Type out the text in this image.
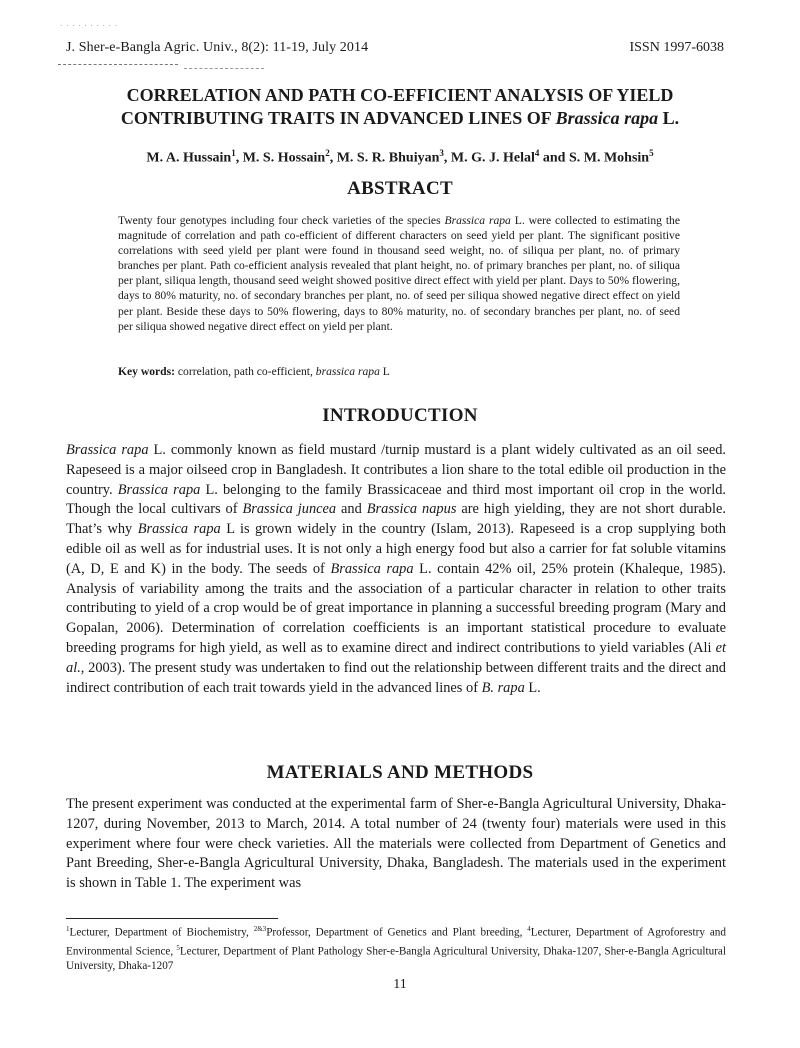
· · · · · · · · · ·
J. Sher-e-Bangla Agric. Univ., 8(2): 11-19, July 2014	ISSN 1997-6038
CORRELATION AND PATH CO-EFFICIENT ANALYSIS OF YIELD
CONTRIBUTING TRAITS IN ADVANCED LINES OF Brassica rapa L.
M. A. Hussain$^1$, M. S. Hossain$^2$, M. S. R. Bhuiyan$^3$, M. G. J. Helal$^4$ and S. M. Mohsin$^5$
ABSTRACT
Twenty four genotypes including four check varieties of the species Brassica rapa L. were collected to estimating the magnitude of correlation and path co-efficient of different characters on seed yield per plant. The significant positive correlations with seed yield per plant were found in thousand seed weight, no. of siliqua per plant, no. of primary branches per plant. Path co-efficient analysis revealed that plant height, no. of primary branches per plant, no. of siliqua per plant, siliqua length, thousand seed weight showed positive direct effect with yield per plant. Days to 50% flowering, days to 80% maturity, no. of secondary branches per plant, no. of seed per siliqua showed negative direct effect on yield per plant. Beside these days to 50% flowering, days to 80% maturity, no. of secondary branches per plant, no. of seed per siliqua showed negative direct effect on yield per plant.
Key words: correlation, path co-efficient, brassica rapa L
INTRODUCTION
Brassica rapa L. commonly known as field mustard /turnip mustard is a plant widely cultivated as an oil seed. Rapeseed is a major oilseed crop in Bangladesh. It contributes a lion share to the total edible oil production in the country. Brassica rapa L. belonging to the family Brassicaceae and third most important oil crop in the world. Though the local cultivars of Brassica juncea and Brassica napus are high yielding, they are not short durable. That’s why Brassica rapa L is grown widely in the country (Islam, 2013). Rapeseed is a crop supplying both edible oil as well as for industrial uses. It is not only a high energy food but also a carrier for fat soluble vitamins (A, D, E and K) in the body. The seeds of Brassica rapa L. contain 42% oil, 25% protein (Khaleque, 1985). Analysis of variability among the traits and the association of a particular character in relation to other traits contributing to yield of a crop would be of great importance in planning a successful breeding program (Mary and Gopalan, 2006). Determination of correlation coefficients is an important statistical procedure to evaluate breeding programs for high yield, as well as to examine direct and indirect contributions to yield variables (Ali et al., 2003). The present study was undertaken to find out the relationship between different traits and the direct and indirect contribution of each trait towards yield in the advanced lines of B. rapa L.
MATERIALS AND METHODS
The present experiment was conducted at the experimental farm of Sher-e-Bangla Agricultural University, Dhaka-1207, during November, 2013 to March, 2014. A total number of 24 (twenty four) materials were used in this experiment where four were check varieties. All the materials were collected from Department of Genetics and Pant Breeding, Sher-e-Bangla Agricultural University, Dhaka, Bangladesh. The materials used in the experiment is shown in Table 1. The experiment was
$^1$Lecturer, Department of Biochemistry, $^{2\&3}$Professor, Department of Genetics and Plant breeding, $^4$Lecturer, Department of Agroforestry and Environmental Science, $^5$Lecturer, Department of Plant Pathology Sher-e-Bangla Agricultural University, Dhaka-1207, Sher-e-Bangla Agricultural University, Dhaka-1207
11
